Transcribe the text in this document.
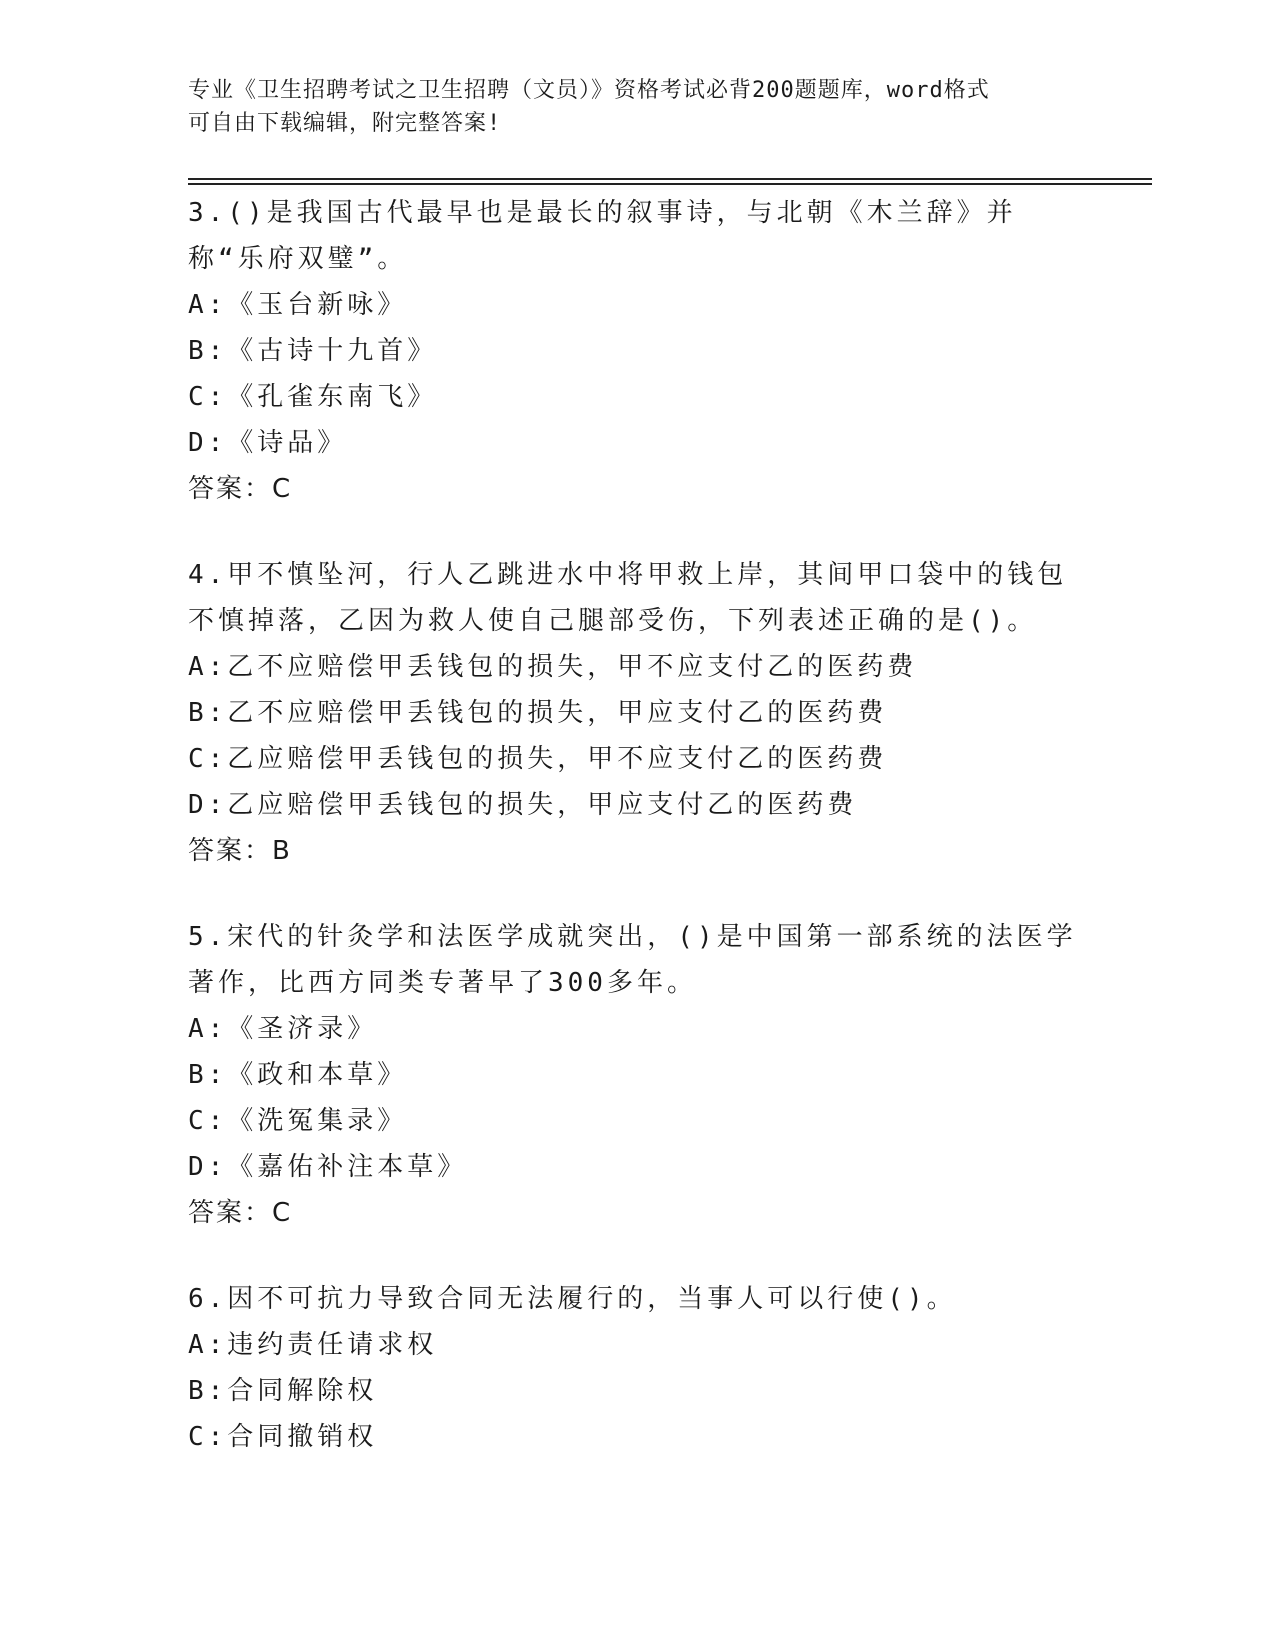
专业《卫生招聘考试之卫生招聘（文员）》资格考试必背200题题库，word格式
可自由下载编辑，附完整答案!

3.()是我国古代最早也是最长的叙事诗，与北朝《木兰辞》并称“乐府双璧”。

A:《玉台新咏》

B:《古诗十九首》

C:《孔雀东南飞》

D:《诗品》

答案：C

4.甲不慎坠河，行人乙跳进水中将甲救上岸，其间甲口袋中的钱包不慎掉落，乙因为救人使自己腿部受伤，下列表述正确的是()。

A:乙不应赔偿甲丢钱包的损失，甲不应支付乙的医药费

B:乙不应赔偿甲丢钱包的损失，甲应支付乙的医药费

C:乙应赔偿甲丢钱包的损失，甲不应支付乙的医药费

D:乙应赔偿甲丢钱包的损失，甲应支付乙的医药费

答案：B

5.宋代的针灸学和法医学成就突出，()是中国第一部系统的法医学著作，比西方同类专著早了300多年。

A:《圣济录》

B:《政和本草》

C:《洗冤集录》

D:《嘉佑补注本草》

答案：C

6.因不可抗力导致合同无法履行的，当事人可以行使()。

A:违约责任请求权

B:合同解除权

C:合同撤销权
